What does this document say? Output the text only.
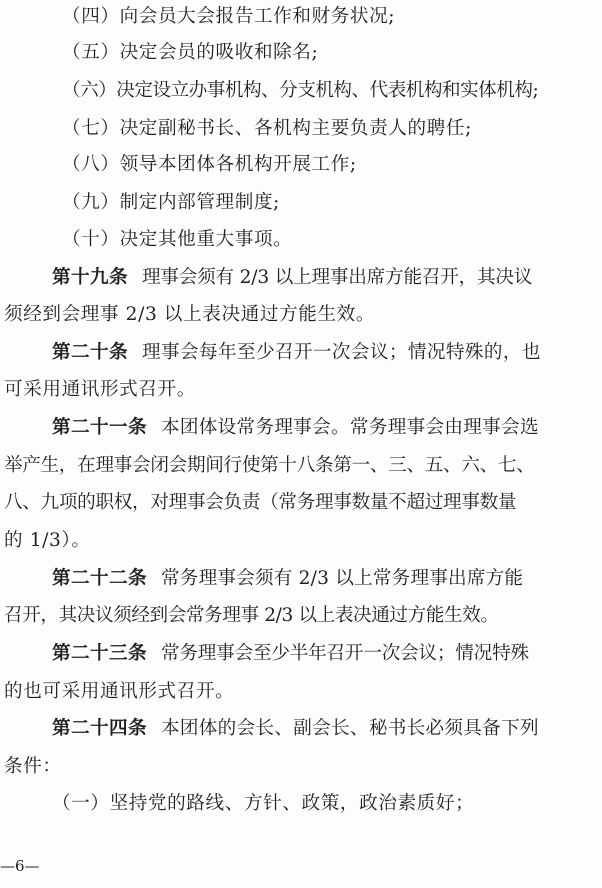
（四）向会员大会报告工作和财务状况;
（五）决定会员的吸收和除名;
（六）决定设立办事机构、分支机构、代表机构和实体机构;
（七）决定副秘书长、各机构主要负责人的聘任;
（八）领导本团体各机构开展工作;
（九）制定内部管理制度;
（十）决定其他重大事项。
第十九条 理事会须有 2/3 以上理事出席方能召开，其决议
须经到会理事 2/3 以上表决通过方能生效。
第二十条 理事会每年至少召开一次会议；情况特殊的，也
可采用通讯形式召开。
第二十一条 本团体设常务理事会。常务理事会由理事会选
举产生，在理事会闭会期间行使第十八条第一、三、五、六、七、
八、九项的职权，对理事会负责（常务理事数量不超过理事数量
的 1/3）。
第二十二条 常务理事会须有 2/3 以上常务理事出席方能
召开，其决议须经到会常务理事 2/3 以上表决通过方能生效。
第二十三条 常务理事会至少半年召开一次会议；情况特殊
的也可采用通讯形式召开。
第二十四条 本团体的会长、副会长、秘书长必须具备下列
条件：
（一）坚持党的路线、方针、政策，政治素质好；
—6—
